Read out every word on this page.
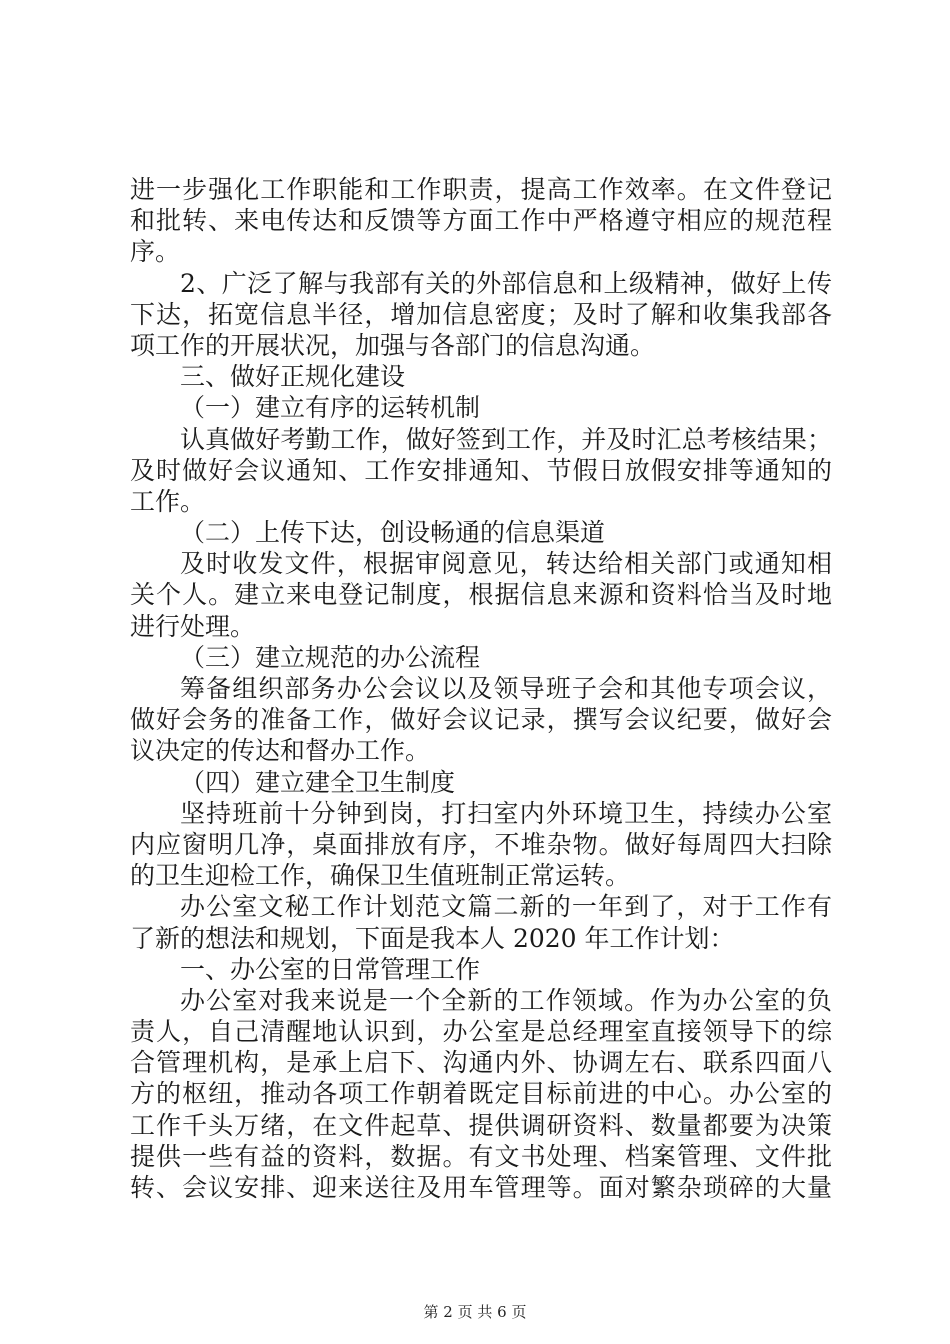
进一步强化工作职能和工作职责，提高工作效率。在文件登记
和批转、来电传达和反馈等方面工作中严格遵守相应的规范程
序。
2、广泛了解与我部有关的外部信息和上级精神，做好上传
下达，拓宽信息半径，增加信息密度；及时了解和收集我部各
项工作的开展状况，加强与各部门的信息沟通。
三、做好正规化建设
（一）建立有序的运转机制
认真做好考勤工作，做好签到工作，并及时汇总考核结果；
及时做好会议通知、工作安排通知、节假日放假安排等通知的
工作。
（二）上传下达，创设畅通的信息渠道
及时收发文件，根据审阅意见，转达给相关部门或通知相
关个人。建立来电登记制度，根据信息来源和资料恰当及时地
进行处理。
（三）建立规范的办公流程
筹备组织部务办公会议以及领导班子会和其他专项会议，
做好会务的准备工作，做好会议记录，撰写会议纪要，做好会
议决定的传达和督办工作。
（四）建立建全卫生制度
坚持班前十分钟到岗，打扫室内外环境卫生，持续办公室
内应窗明几净，桌面排放有序，不堆杂物。做好每周四大扫除
的卫生迎检工作，确保卫生值班制正常运转。
办公室文秘工作计划范文篇二新的一年到了，对于工作有
了新的想法和规划，下面是我本人 2020 年工作计划：
一、办公室的日常管理工作
办公室对我来说是一个全新的工作领域。作为办公室的负
责人，自己清醒地认识到，办公室是总经理室直接领导下的综
合管理机构，是承上启下、沟通内外、协调左右、联系四面八
方的枢纽，推动各项工作朝着既定目标前进的中心。办公室的
工作千头万绪，在文件起草、提供调研资料、数量都要为决策
提供一些有益的资料，数据。有文书处理、档案管理、文件批
转、会议安排、迎来送往及用车管理等。面对繁杂琐碎的大量
第 2 页 共 6 页
